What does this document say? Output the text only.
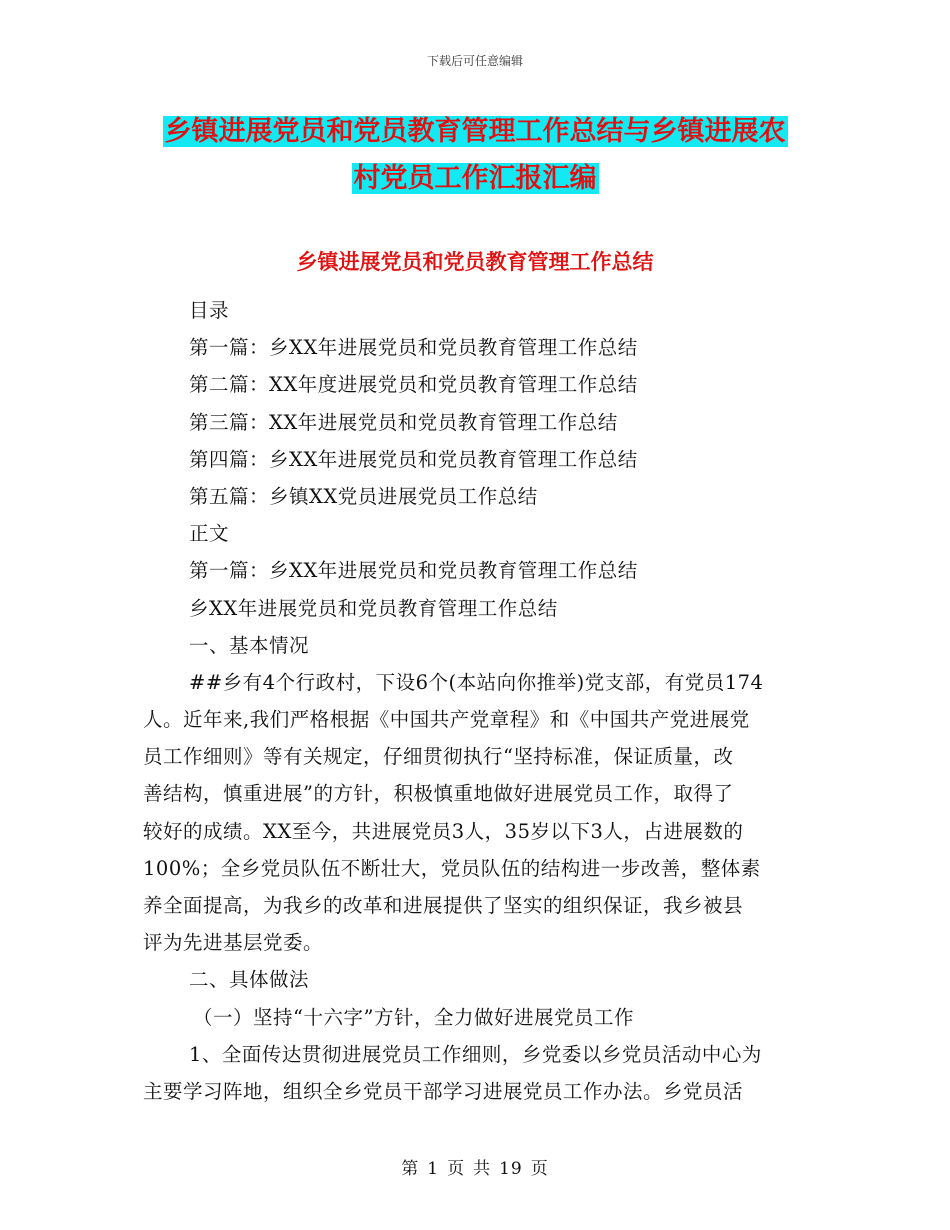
下载后可任意编辑
乡镇进展党员和党员教育管理工作总结与乡镇进展农
村党员工作汇报汇编
乡镇进展党员和党员教育管理工作总结
目录
第一篇：乡XX年进展党员和党员教育管理工作总结
第二篇：XX年度进展党员和党员教育管理工作总结
第三篇：XX年进展党员和党员教育管理工作总结
第四篇：乡XX年进展党员和党员教育管理工作总结
第五篇：乡镇XX党员进展党员工作总结
正文
第一篇：乡XX年进展党员和党员教育管理工作总结
乡XX年进展党员和党员教育管理工作总结
一、基本情况
##乡有4个行政村，下设6个(本站向你推举)党支部，有党员174
人。近年来,我们严格根据《中国共产党章程》和《中国共产党进展党
员工作细则》等有关规定，仔细贯彻执行“坚持标准，保证质量，改
善结构，慎重进展”的方针，积极慎重地做好进展党员工作，取得了
较好的成绩。XX至今，共进展党员3人，35岁以下3人，占进展数的
100%；全乡党员队伍不断壮大，党员队伍的结构进一步改善，整体素
养全面提高，为我乡的改革和进展提供了坚实的组织保证，我乡被县
评为先进基层党委。
二、具体做法
（一）坚持“十六字”方针，全力做好进展党员工作
1、全面传达贯彻进展党员工作细则，乡党委以乡党员活动中心为
主要学习阵地，组织全乡党员干部学习进展党员工作办法。乡党员活
第 1 页 共 19 页
